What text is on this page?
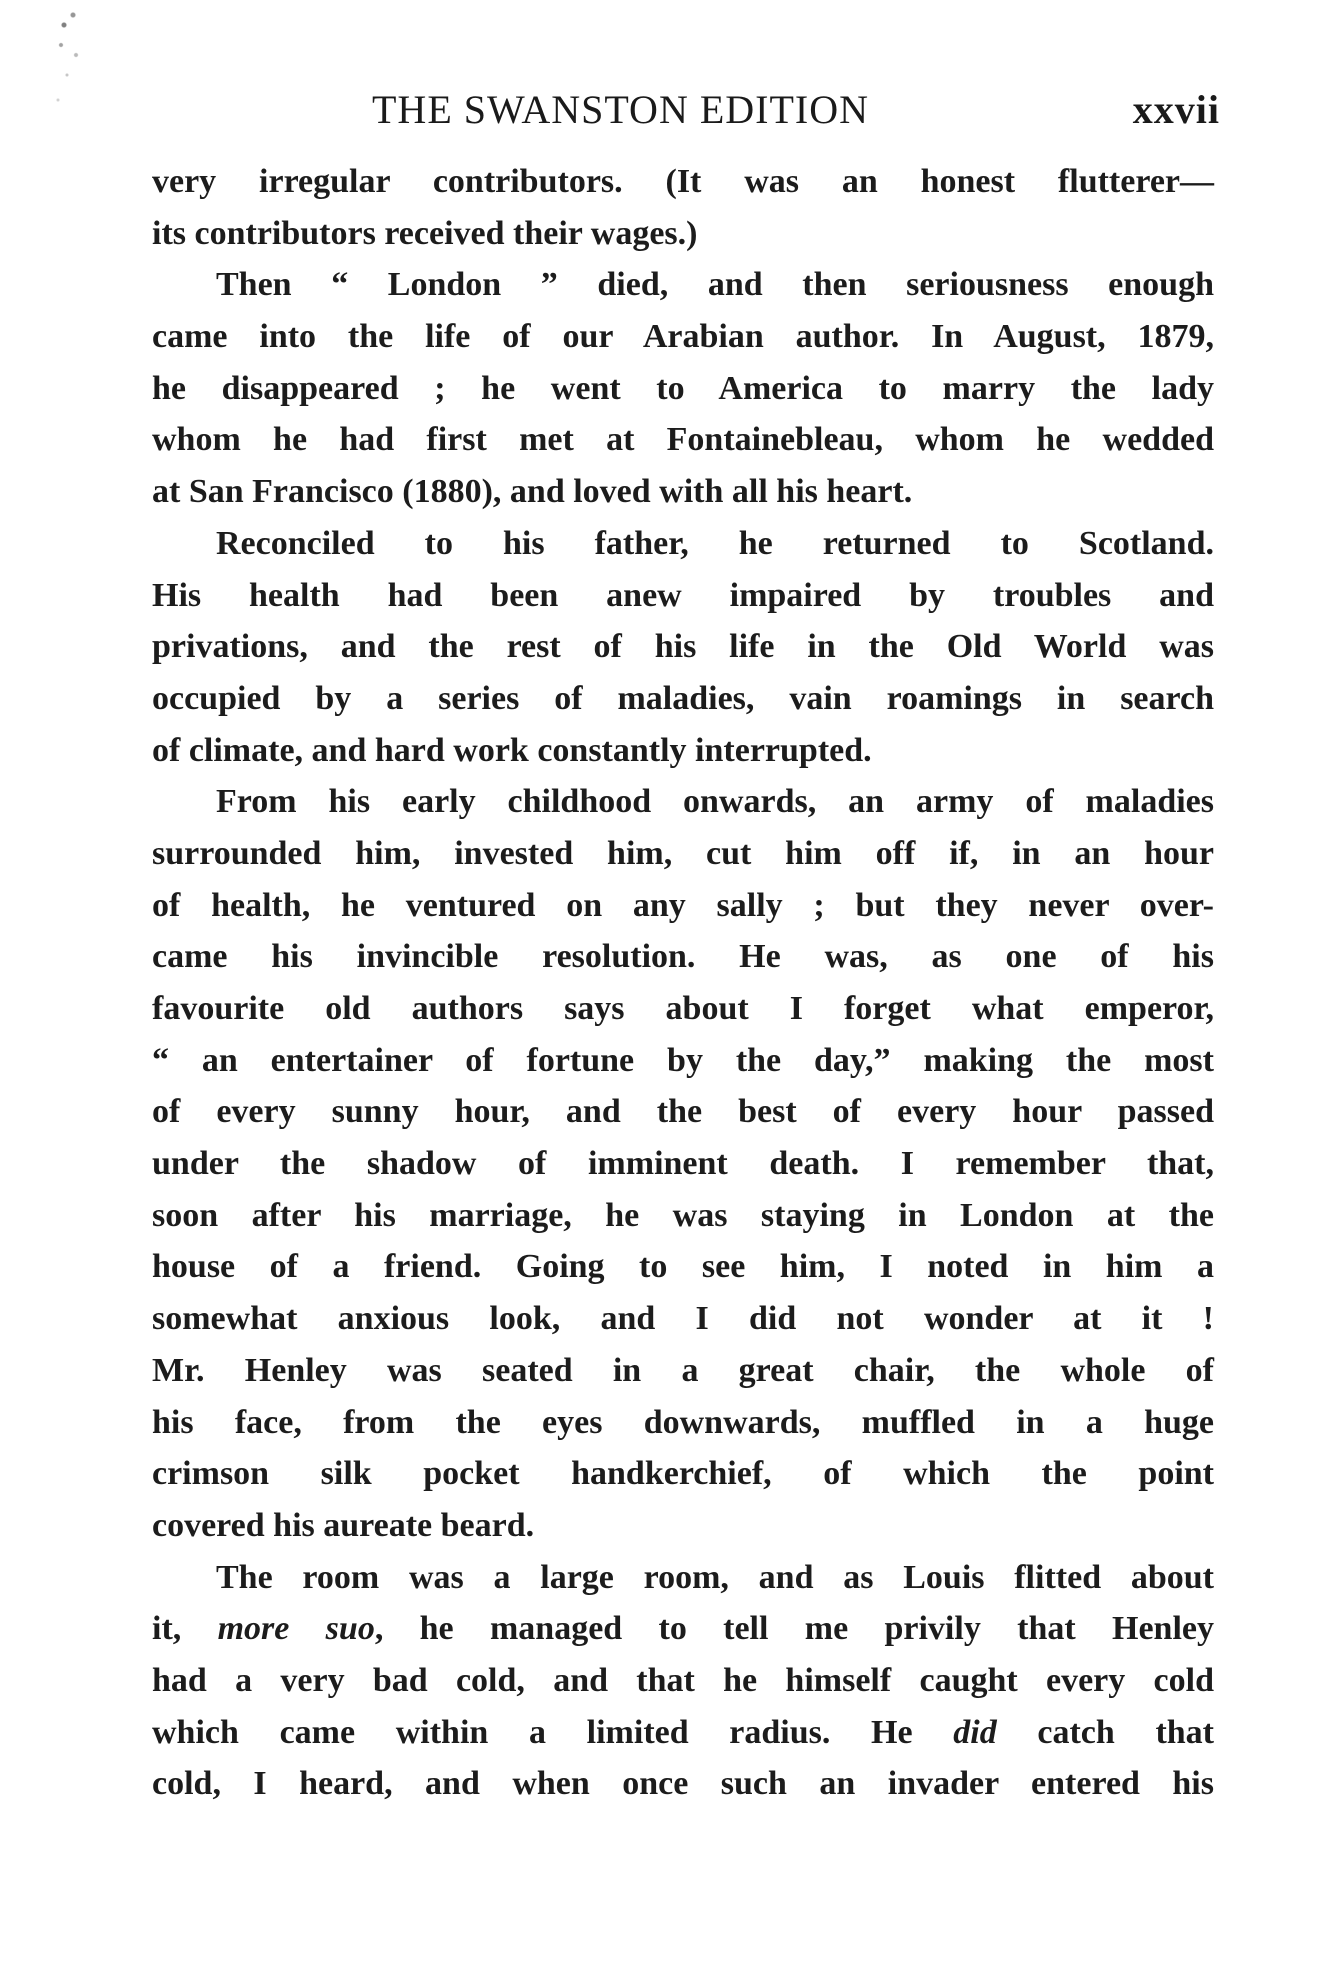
THE SWANSTON EDITION	xxvii
very irregular contributors. (It was an honest flutterer—
its contributors received their wages.)
Then “ London ” died, and then seriousness enough
came into the life of our Arabian author. In August, 1879,
he disappeared ; he went to America to marry the lady
whom he had first met at Fontainebleau, whom he wedded
at San Francisco (1880), and loved with all his heart.
Reconciled to his father, he returned to Scotland.
His health had been anew impaired by troubles and
privations, and the rest of his life in the Old World was
occupied by a series of maladies, vain roamings in search
of climate, and hard work constantly interrupted.
From his early childhood onwards, an army of maladies
surrounded him, invested him, cut him off if, in an hour
of health, he ventured on any sally ; but they never over-
came his invincible resolution. He was, as one of his
favourite old authors says about I forget what emperor,
“ an entertainer of fortune by the day,” making the most
of every sunny hour, and the best of every hour passed
under the shadow of imminent death. I remember that,
soon after his marriage, he was staying in London at the
house of a friend. Going to see him, I noted in him a
somewhat anxious look, and I did not wonder at it !
Mr. Henley was seated in a great chair, the whole of
his face, from the eyes downwards, muffled in a huge
crimson silk pocket handkerchief, of which the point
covered his aureate beard.
The room was a large room, and as Louis flitted about
it, more suo, he managed to tell me privily that Henley
had a very bad cold, and that he himself caught every cold
which came within a limited radius. He did catch that
cold, I heard, and when once such an invader entered his
